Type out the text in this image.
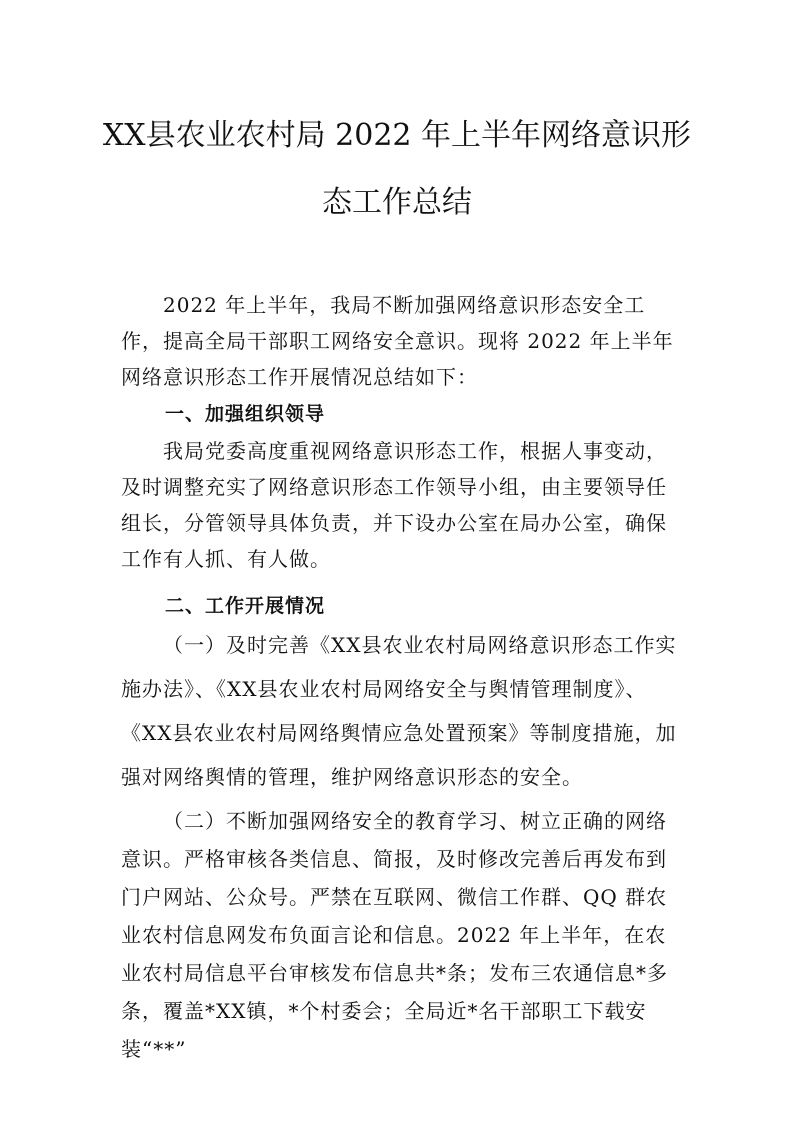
XX县农业农村局 2022 年上半年网络意识形
态工作总结

2022 年上半年，我局不断加强网络意识形态安全工作，提高全局干部职工网络安全意识。现将 2022 年上半年网络意识形态工作开展情况总结如下：

一、加强组织领导

我局党委高度重视网络意识形态工作，根据人事变动，及时调整充实了网络意识形态工作领导小组，由主要领导任组长，分管领导具体负责，并下设办公室在局办公室，确保工作有人抓、有人做。

二、工作开展情况

（一）及时完善《XX县农业农村局网络意识形态工作实施办法》、《XX县农业农村局网络安全与舆情管理制度》、《XX县农业农村局网络舆情应急处置预案》等制度措施，加强对网络舆情的管理，维护网络意识形态的安全。

（二）不断加强网络安全的教育学习、树立正确的网络意识。严格审核各类信息、简报，及时修改完善后再发布到门户网站、公众号。严禁在互联网、微信工作群、QQ 群农业农村信息网发布负面言论和信息。2022 年上半年，在农业农村局信息平台审核发布信息共*条；发布三农通信息*多条，覆盖*XX镇，*个村委会；全局近*名干部职工下载安装“**”
